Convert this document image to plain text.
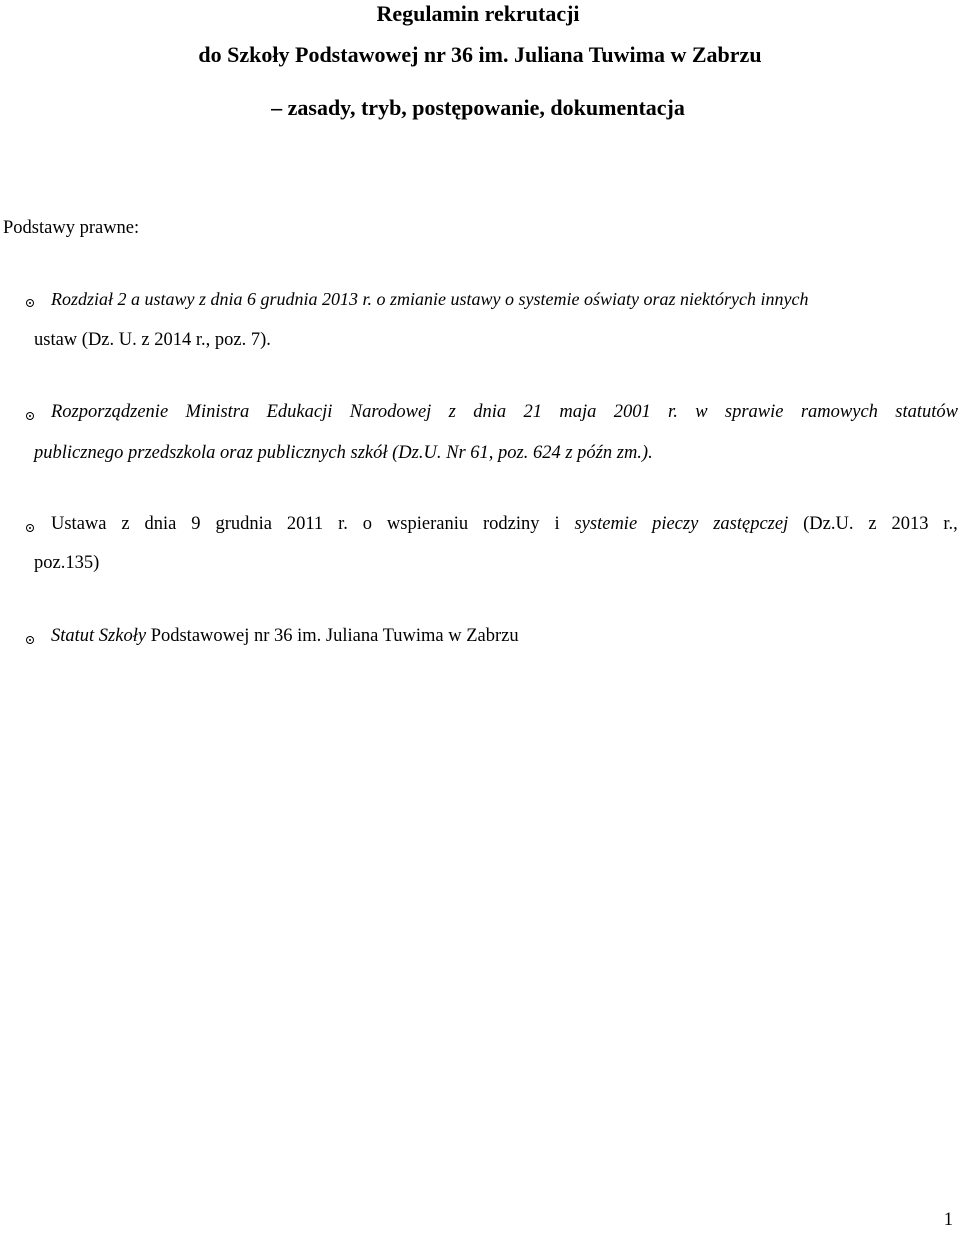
Regulamin rekrutacji
do Szkoły Podstawowej nr 36 im. Juliana Tuwima w Zabrzu
– zasady, tryb, postępowanie, dokumentacja
Podstawy prawne:
Rozdział 2 a ustawy z dnia 6 grudnia 2013 r. o zmianie ustawy o systemie oświaty oraz niektórych innych
ustaw (Dz. U. z 2014 r., poz. 7).
Rozporządzenie Ministra Edukacji Narodowej z dnia 21 maja 2001 r. w sprawie ramowych statutów
publicznego przedszkola oraz publicznych szkół (Dz.U. Nr 61, poz. 624 z późn zm.).
Ustawa z dnia 9 grudnia 2011 r. o wspieraniu rodziny i systemie pieczy zastępczej (Dz.U. z 2013 r.,
poz.135)
Statut Szkoły Podstawowej nr 36 im. Juliana Tuwima w Zabrzu
1
